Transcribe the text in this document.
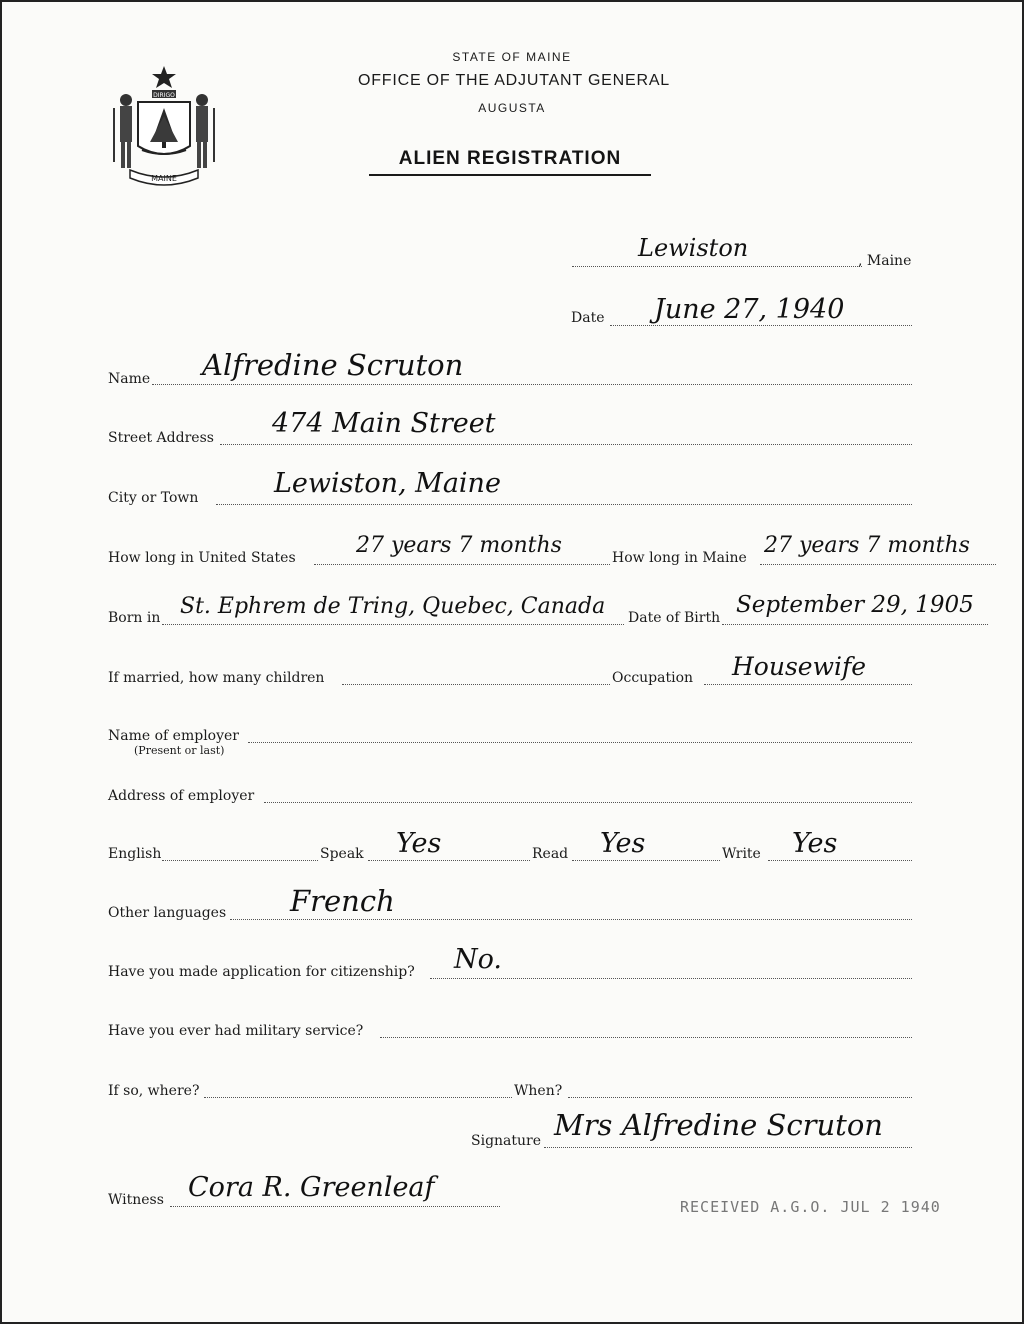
MAINE
DIRIGO
STATE OF MAINE
OFFICE OF THE ADJUTANT GENERAL
AUGUSTA
ALIEN REGISTRATION
Lewiston	, Maine
Date June 27, 1940
Name Alfredine Scruton
Street Address 474 Main Street
City or Town	Lewiston, Maine
How long in United States	27 years 7 months	How long in Maine 27 years 7 months
Born in St. Ephrem de Tring, Quebec, Canada Date of Birth September 29, 1905
If married, how many children	Occupation Housewife
Name of employer
(Present or last)
Address of employer
English	Speak Yes	Read Yes	Write Yes
Other languages French
Have you made application for citizenship? No.
Have you ever had military service?
If so, where?	When?
Signature Mrs Alfredine Scruton
Witness Cora R. Greenleaf
RECEIVED A.G.O. JUL 2 1940
